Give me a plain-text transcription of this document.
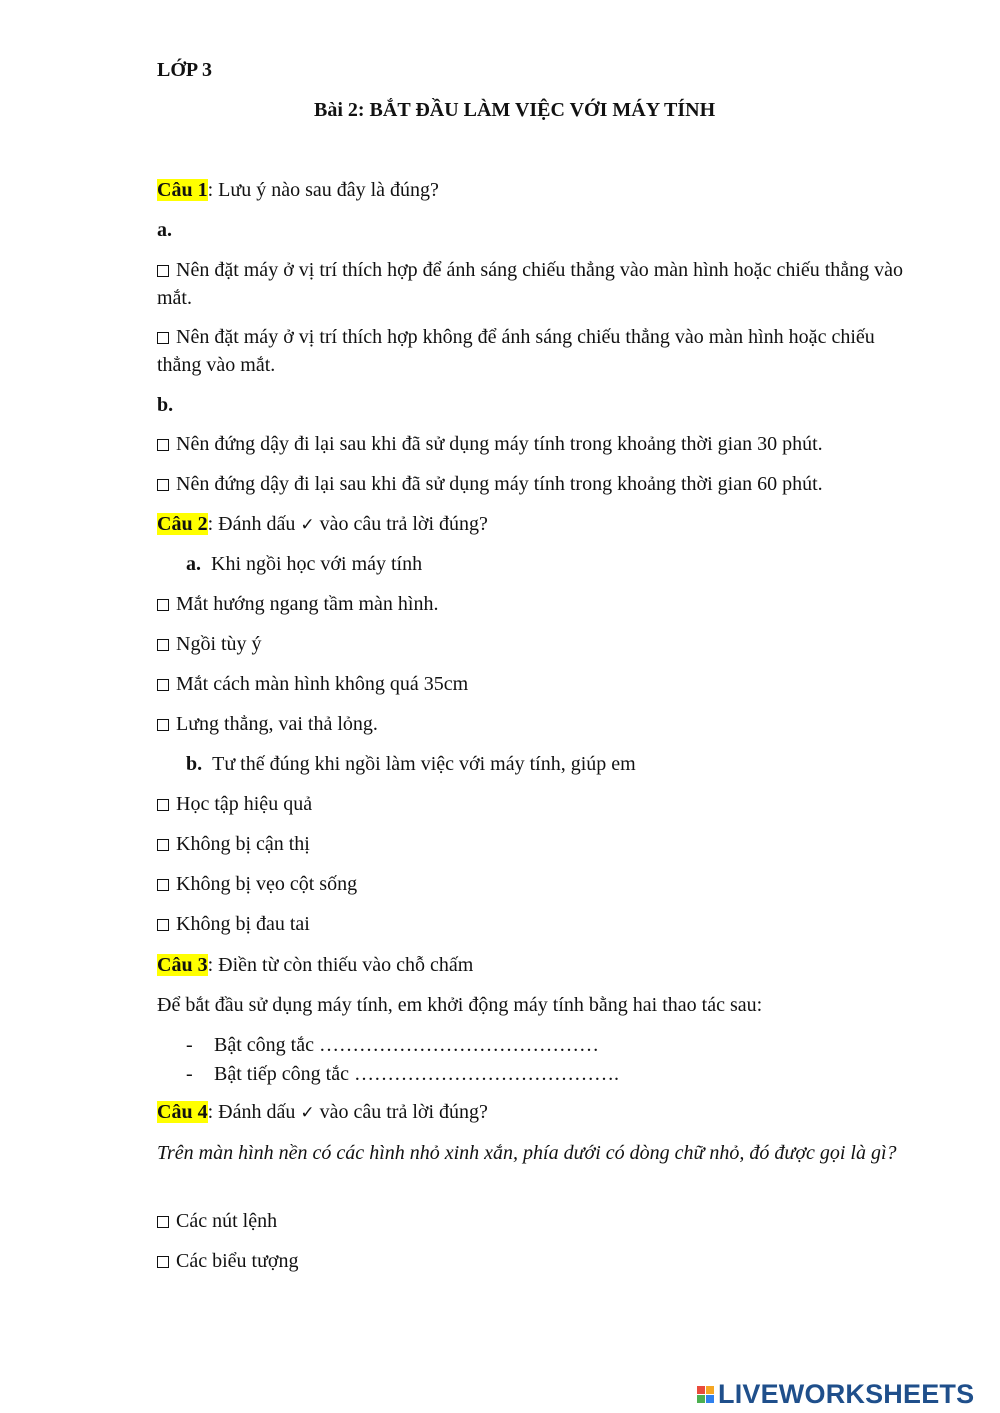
LỚP 3
Bài 2: BẮT ĐẦU LÀM VIỆC VỚI MÁY TÍNH
Câu 1: Lưu ý nào sau đây là đúng?
a.
Nên đặt máy ở vị trí thích hợp để ánh sáng chiếu thẳng vào màn hình hoặc chiếu thẳng vào mắt.
Nên đặt máy ở vị trí thích hợp không để ánh sáng chiếu thẳng vào màn hình hoặc chiếu thẳng vào mắt.
b.
Nên đứng dậy đi lại sau khi đã sử dụng máy tính trong khoảng thời gian 30 phút.
Nên đứng dậy đi lại sau khi đã sử dụng máy tính trong khoảng thời gian 60 phút.
Câu 2: Đánh dấu ✓ vào câu trả lời đúng?
a. Khi ngồi học với máy tính
Mắt hướng ngang tầm màn hình.
Ngồi tùy ý
Mắt cách màn hình không quá 35cm
Lưng thẳng, vai thả lỏng.
b. Tư thế đúng khi ngồi làm việc với máy tính, giúp em
Học tập hiệu quả
Không bị cận thị
Không bị vẹo cột sống
Không bị đau tai
Câu 3: Điền từ còn thiếu vào chỗ chấm
Để bắt đầu sử dụng máy tính, em khởi động máy tính bằng hai thao tác sau:
- Bật công tắc ……………………………………
- Bật tiếp công tắc ………………………………….
Câu 4: Đánh dấu ✓ vào câu trả lời đúng?
Trên màn hình nền có các hình nhỏ xinh xắn, phía dưới có dòng chữ nhỏ, đó được gọi là gì?
Các nút lệnh
Các biểu tượng
LIVEWORKSHEETS
